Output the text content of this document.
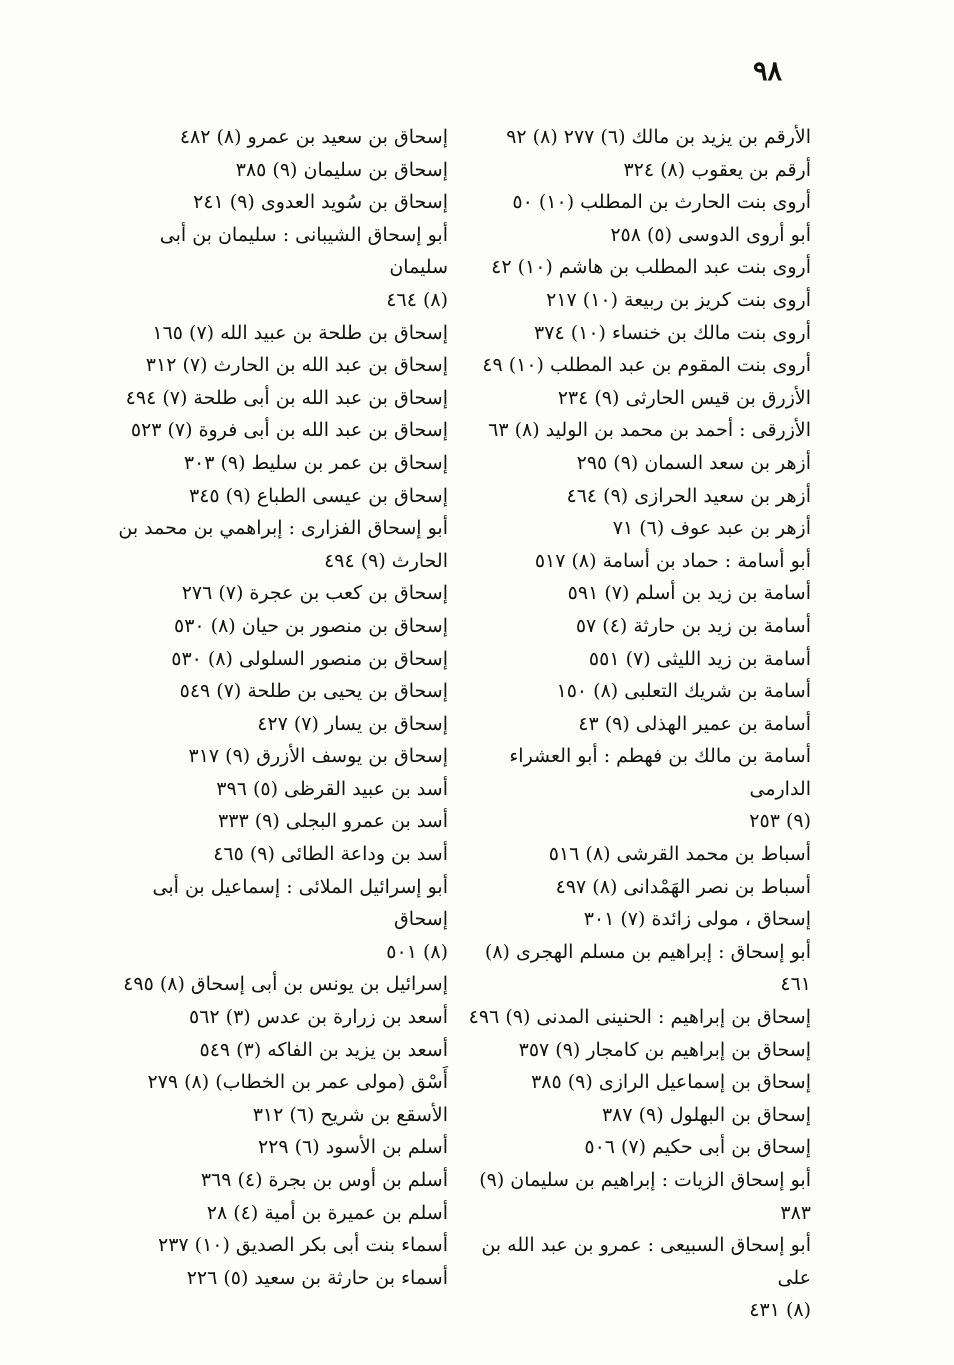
٩٨
الأرقم بن يزيد بن مالك (٦) ٢٧٧ (٨) ٩٢
أرقم بن يعقوب (٨) ٣٢٤
أروى بنت الحارث بن المطلب (١٠) ٥٠
أبو أروى الدوسى (٥) ٢٥٨
أروى بنت عبد المطلب بن هاشم (١٠) ٤٢
أروى بنت كريز بن ربيعة (١٠) ٢١٧
أروى بنت مالك بن خنساء (١٠) ٣٧٤
أروى بنت المقوم بن عبد المطلب (١٠) ٤٩
الأزرق بن قيس الحارثى (٩) ٢٣٤
الأزرقى : أحمد بن محمد بن الوليد (٨) ٦٣
أزهر بن سعد السمان (٩) ٢٩٥
أزهر بن سعيد الحرازى (٩) ٤٦٤
أزهر بن عبد عوف (٦) ٧١
أبو أسامة : حماد بن أسامة (٨) ٥١٧
أسامة بن زيد بن أسلم (٧) ٥٩١
أسامة بن زيد بن حارثة (٤) ٥٧
أسامة بن زيد الليثى (٧) ٥٥١
أسامة بن شريك التعلبى (٨) ١٥٠
أسامة بن عمير الهذلى (٩) ٤٣
أسامة بن مالك بن فهطم : أبو العشراء الدارمى
(٩) ٢٥٣
أسباط بن محمد القرشى (٨) ٥١٦
أسباط بن نصر الهَمْدانى (٨) ٤٩٧
إسحاق ، مولى زائدة (٧) ٣٠١
أبو إسحاق : إبراهيم بن مسلم الهجرى (٨) ٤٦١
إسحاق بن إبراهيم : الحنينى المدنى (٩) ٤٩٦
إسحاق بن إبراهيم بن كامجار (٩) ٣٥٧
إسحاق بن إسماعيل الرازى (٩) ٣٨٥
إسحاق بن البهلول (٩) ٣٨٧
إسحاق بن أبى حكيم (٧) ٥٠٦
أبو إسحاق الزيات : إبراهيم بن سليمان (٩)
٣٨٣
أبو إسحاق السبيعى : عمرو بن عبد الله بن على
(٨) ٤٣١
إسحاق بن سعيد بن عمرو (٨) ٤٨٢
إسحاق بن سليمان (٩) ٣٨٥
إسحاق بن سُويد العدوى (٩) ٢٤١
أبو إسحاق الشيبانى : سليمان بن أبى سليمان
(٨) ٤٦٤
إسحاق بن طلحة بن عبيد الله (٧) ١٦٥
إسحاق بن عبد الله بن الحارث (٧) ٣١٢
إسحاق بن عبد الله بن أبى طلحة (٧) ٤٩٤
إسحاق بن عبد الله بن أبى فروة (٧) ٥٢٣
إسحاق بن عمر بن سليط (٩) ٣٠٣
إسحاق بن عيسى الطباع (٩) ٣٤٥
أبو إسحاق الفزارى : إبراهمي بن محمد بن
الحارث (٩) ٤٩٤
إسحاق بن كعب بن عجرة (٧) ٢٧٦
إسحاق بن منصور بن حيان (٨) ٥٣٠
إسحاق بن منصور السلولى (٨) ٥٣٠
إسحاق بن يحيى بن طلحة (٧) ٥٤٩
إسحاق بن يسار (٧) ٤٢٧
إسحاق بن يوسف الأزرق (٩) ٣١٧
أسد بن عبيد القرظى (٥) ٣٩٦
أسد بن عمرو البجلى (٩) ٣٣٣
أسد بن وداعة الطائى (٩) ٤٦٥
أبو إسرائيل الملائى : إسماعيل بن أبى إسحاق
(٨) ٥٠١
إسرائيل بن يونس بن أبى إسحاق (٨) ٤٩٥
أسعد بن زرارة بن عدس (٣) ٥٦٢
أسعد بن يزيد بن الفاكه (٣) ٥٤٩
أَسْق (مولى عمر بن الخطاب) (٨) ٢٧٩
الأسقع بن شريح (٦) ٣١٢
أسلم بن الأسود (٦) ٢٢٩
أسلم بن أوس بن بجرة (٤) ٣٦٩
أسلم بن عميرة بن أمية (٤) ٢٨
أسماء بنت أبى بكر الصديق (١٠) ٢٣٧
أسماء بن حارثة بن سعيد (٥) ٢٢٦
